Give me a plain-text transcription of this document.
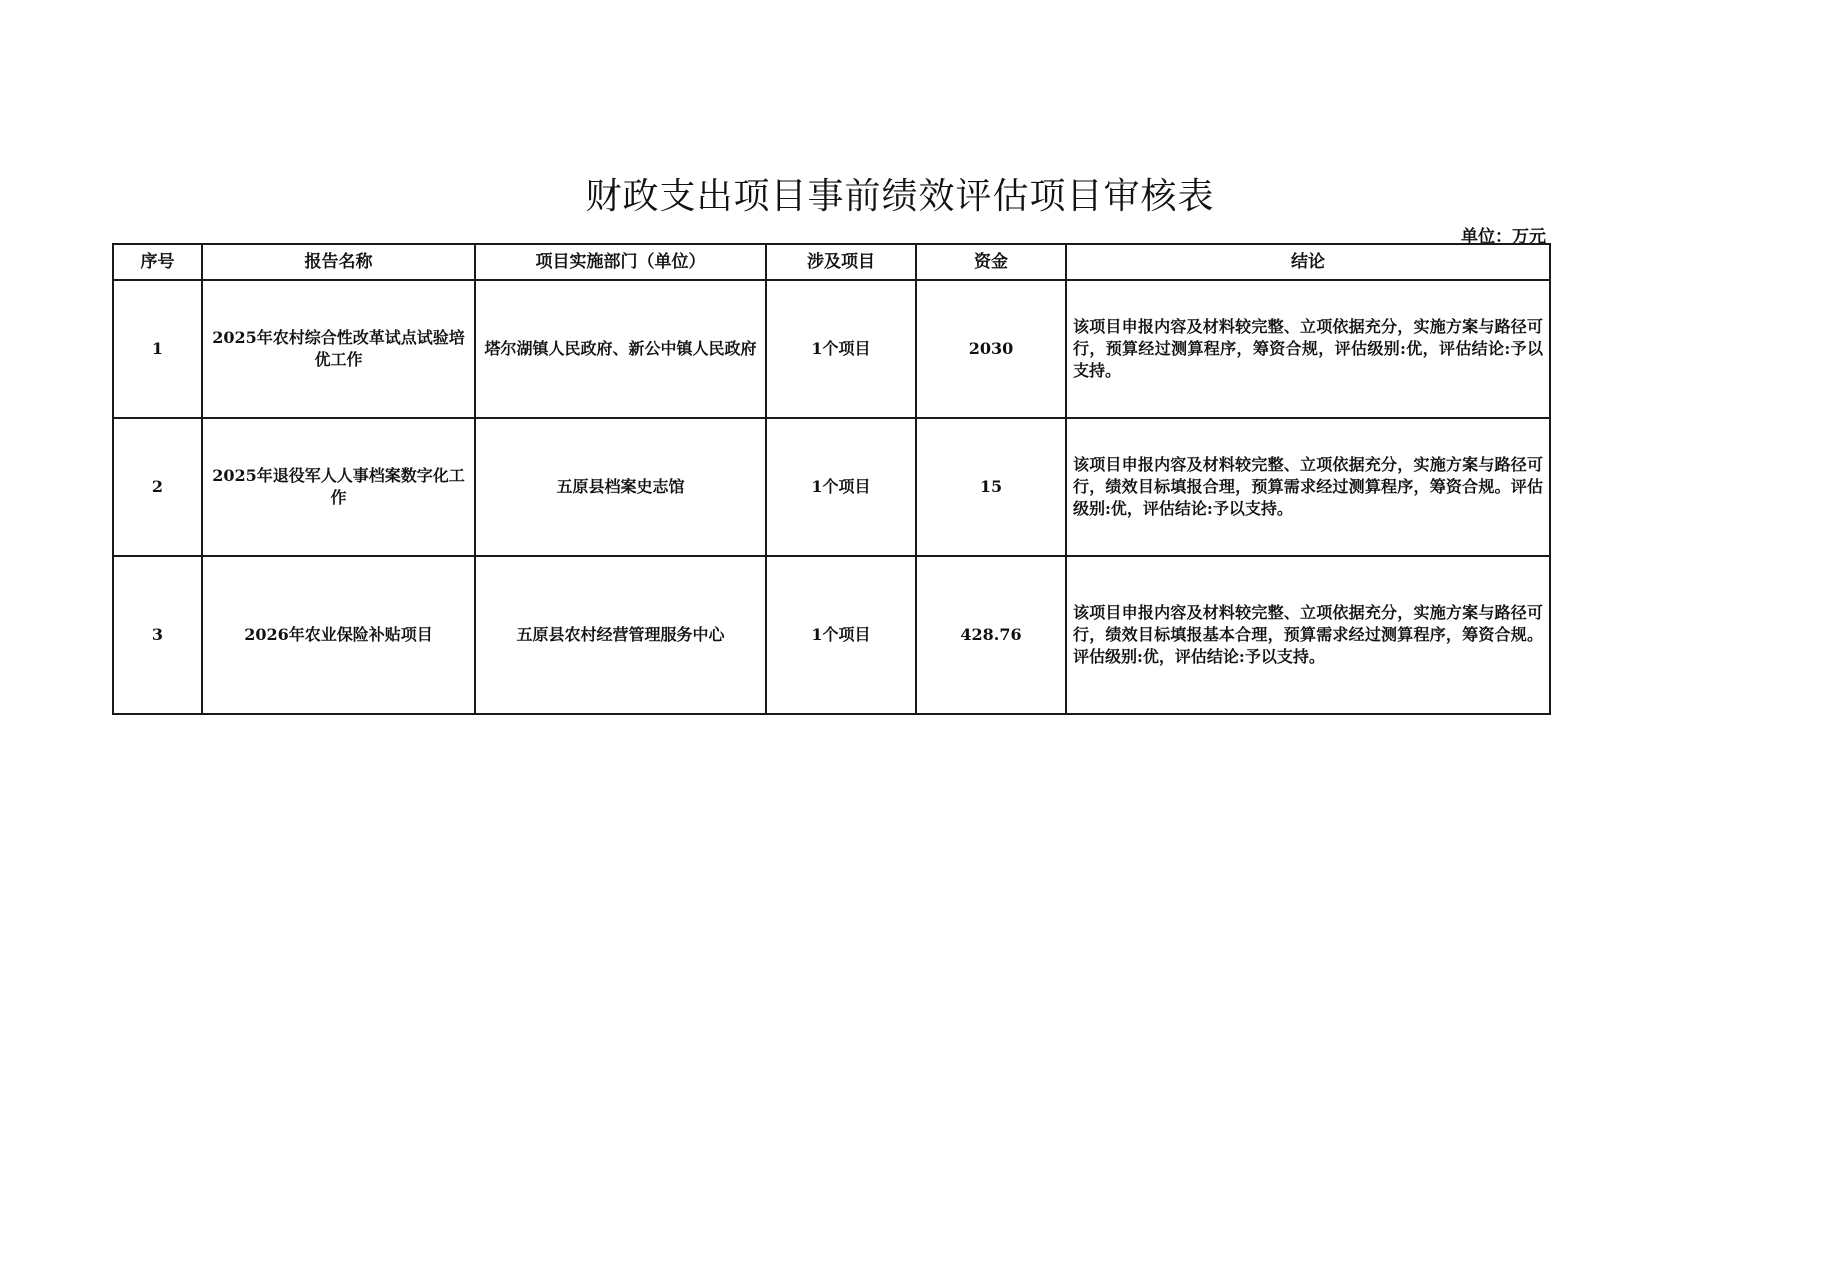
财政支出项目事前绩效评估项目审核表
单位：万元
序号	报告名称	项目实施部门（单位）	涉及项目	资金	结论
1	2025年农村综合性改革试点试验培优工作	塔尔湖镇人民政府、新公中镇人民政府	1个项目	2030	该项目申报内容及材料较完整、立项依据充分，实施方案与路径可行，预算经过测算程序，筹资合规，评估级别:优，评估结论:予以支持。
2	2025年退役军人人事档案数字化工作	五原县档案史志馆	1个项目	15	该项目申报内容及材料较完整、立项依据充分，实施方案与路径可行，绩效目标填报合理，预算需求经过测算程序，筹资合规。评估级别:优，评估结论:予以支持。
3	2026年农业保险补贴项目	五原县农村经营管理服务中心	1个项目	428.76	该项目申报内容及材料较完整、立项依据充分，实施方案与路径可行，绩效目标填报基本合理，预算需求经过测算程序，筹资合规。评估级别:优，评估结论:予以支持。
